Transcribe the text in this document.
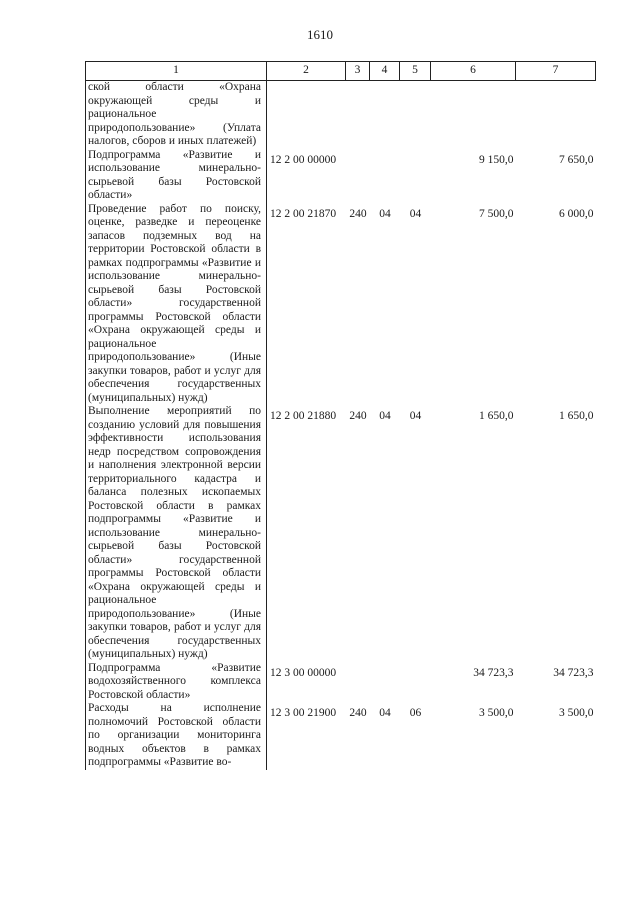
1610
1	2	3	4	5	6	7

ской области «Охрана окружающей среды и рациональное природопользование» (Уплата налогов, сборов и иных платежей)						

Подпрограмма «Развитие и использование минерально-сырьевой базы Ростовской области»	12 2 00 00000				9 150,0	7 650,0

Проведение работ по поиску, оценке, разведке и переоценке запасов подземных вод на территории Ростовской области в рамках подпрограммы «Развитие и использование минерально-сырьевой базы Ростовской области» государственной программы Ростовской области «Охрана окружающей среды и рациональное природопользование» (Иные закупки товаров, работ и услуг для обеспечения государственных (муниципальных) нужд)	12 2 00 21870	240	04	04	7 500,0	6 000,0

Выполнение мероприятий по созданию условий для повышения эффективности использования недр посредством сопровождения и наполнения электронной версии территориального кадастра и баланса полезных ископаемых Ростовской области в рамках подпрограммы «Развитие и использование минерально-сырьевой базы Ростовской области» государственной программы Ростовской области «Охрана окружающей среды и рациональное природопользование» (Иные закупки товаров, работ и услуг для обеспечения государственных (муниципальных) нужд)	12 2 00 21880	240	04	04	1 650,0	1 650,0

Подпрограмма «Развитие водохозяйственного комплекса Ростовской области»	12 3 00 00000				34 723,3	34 723,3

Расходы на исполнение полномочий Ростовской области по организации мониторинга водных объектов в рамках подпрограммы «Развитие во-	12 3 00 21900	240	04	06	3 500,0	3 500,0
